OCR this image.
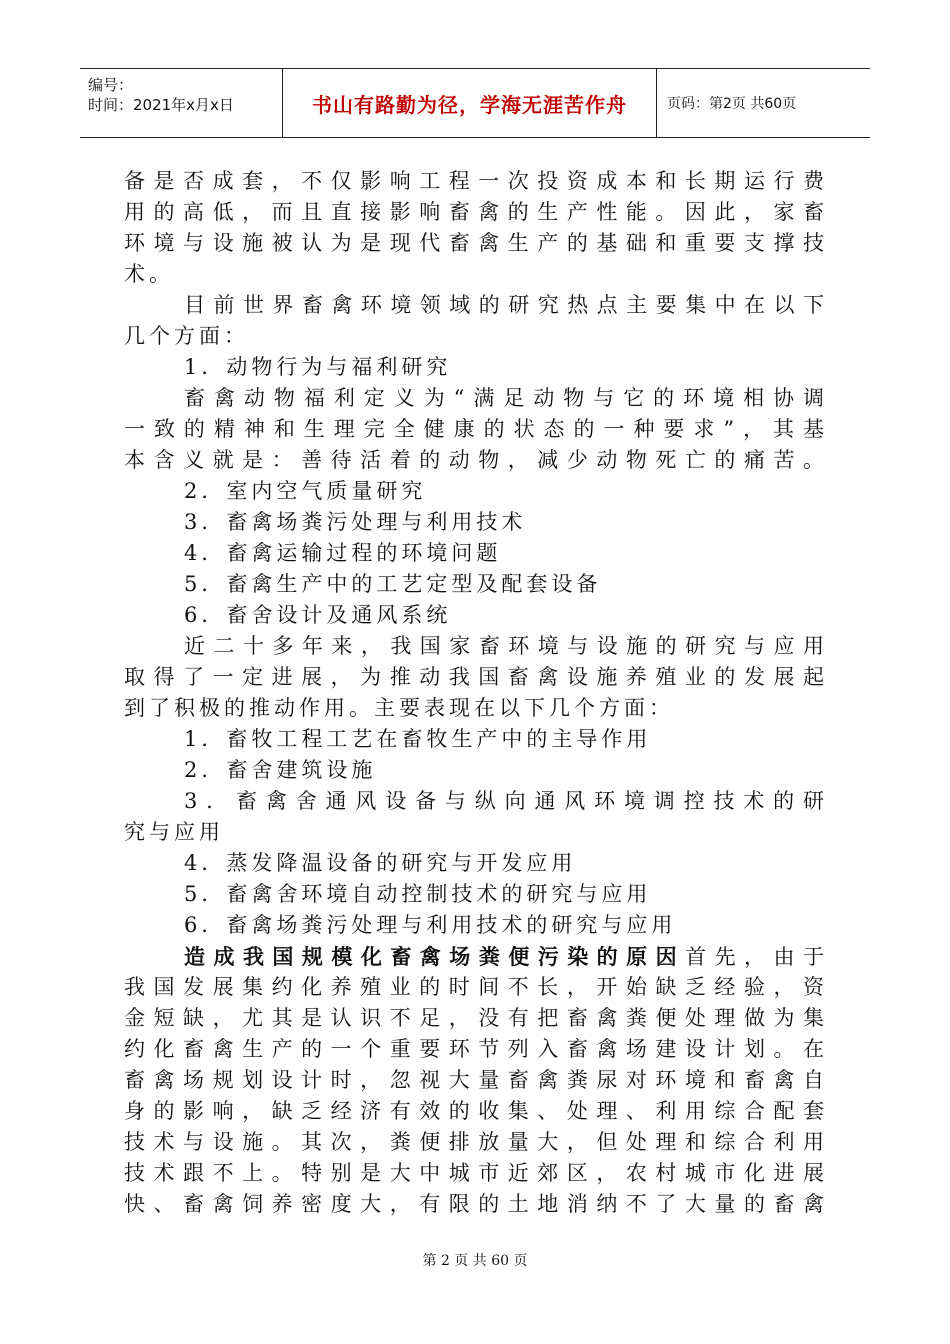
编号：
时间：2021年x月x日	书山有路勤为径，学海无涯苦作舟	页码：第2页 共60页
备是否成套，不仅影响工程一次投资成本和长期运行费
用的高低，而且直接影响畜禽的生产性能。因此，家畜
环境与设施被认为是现代畜禽生产的基础和重要支撑技
术。
目前世界畜禽环境领域的研究热点主要集中在以下
几个方面：
1．动物行为与福利研究
畜禽动物福利定义为“满足动物与它的环境相协调
一致的精神和生理完全健康的状态的一种要求”，其基
本含义就是：善待活着的动物，减少动物死亡的痛苦。
2．室内空气质量研究
3．畜禽场粪污处理与利用技术
4．畜禽运输过程的环境问题
5．畜禽生产中的工艺定型及配套设备
6．畜舍设计及通风系统
近二十多年来，我国家畜环境与设施的研究与应用
取得了一定进展，为推动我国畜禽设施养殖业的发展起
到了积极的推动作用。主要表现在以下几个方面：
1．畜牧工程工艺在畜牧生产中的主导作用
2．畜舍建筑设施
3．畜禽舍通风设备与纵向通风环境调控技术的研
究与应用
4．蒸发降温设备的研究与开发应用
5．畜禽舍环境自动控制技术的研究与应用
6．畜禽场粪污处理与利用技术的研究与应用
造成我国规模化畜禽场粪便污染的原因首先，由于
我国发展集约化养殖业的时间不长，开始缺乏经验，资
金短缺，尤其是认识不足，没有把畜禽粪便处理做为集
约化畜禽生产的一个重要环节列入畜禽场建设计划。在
畜禽场规划设计时，忽视大量畜禽粪尿对环境和畜禽自
身的影响，缺乏经济有效的收集、处理、利用综合配套
技术与设施。其次，粪便排放量大，但处理和综合利用
技术跟不上。特别是大中城市近郊区，农村城市化进展
快、畜禽饲养密度大，有限的土地消纳不了大量的畜禽
第 2 页 共 60 页
